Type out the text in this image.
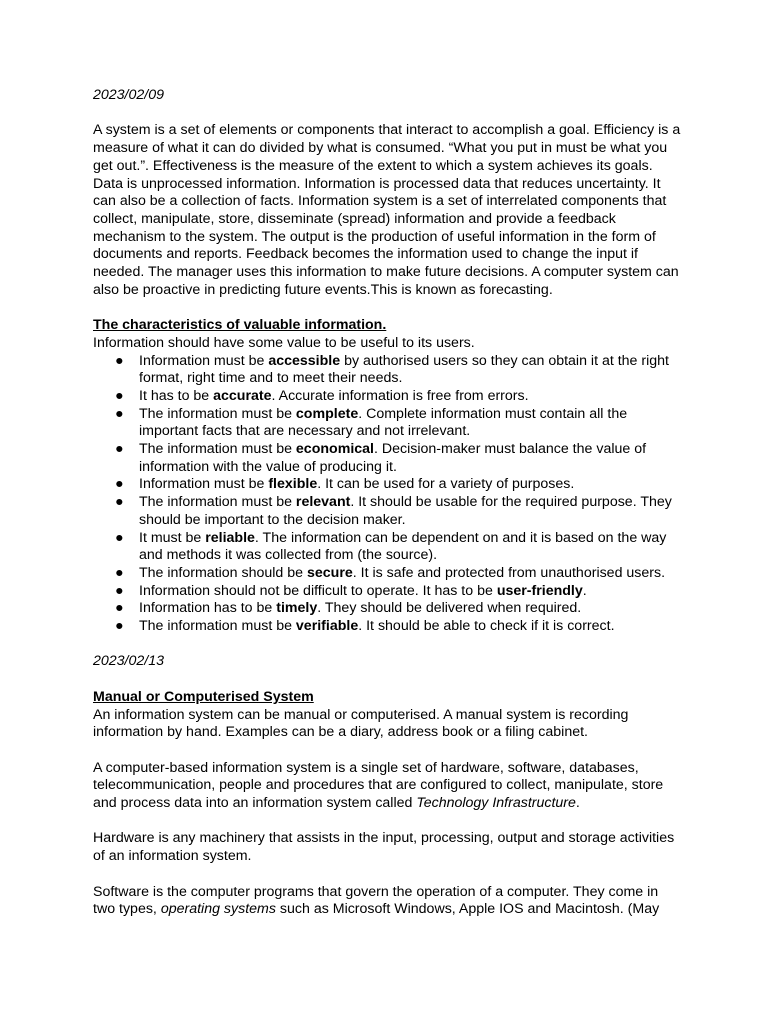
2023/02/09

A system is a set of elements or components that interact to accomplish a goal. Efficiency is a measure of what it can do divided by what is consumed. “What you put in must be what you get out.”. Effectiveness is the measure of the extent to which a system achieves its goals. Data is unprocessed information. Information is processed data that reduces uncertainty. It can also be a collection of facts. Information system is a set of interrelated components that collect, manipulate, store, disseminate (spread) information and provide a feedback mechanism to the system. The output is the production of useful information in the form of documents and reports. Feedback becomes the information used to change the input if needed. The manager uses this information to make future decisions. A computer system can also be proactive in predicting future events.This is known as forecasting.

The characteristics of valuable information.

Information should have some value to be useful to its users.

● Information must be accessible by authorised users so they can obtain it at the right format, right time and to meet their needs.
● It has to be accurate. Accurate information is free from errors.
● The information must be complete. Complete information must contain all the important facts that are necessary and not irrelevant.
● The information must be economical. Decision-maker must balance the value of information with the value of producing it.
● Information must be flexible. It can be used for a variety of purposes.
● The information must be relevant. It should be usable for the required purpose. They should be important to the decision maker.
● It must be reliable. The information can be dependent on and it is based on the way and methods it was collected from (the source).
● The information should be secure. It is safe and protected from unauthorised users.
● Information should not be difficult to operate. It has to be user-friendly.
● Information has to be timely. They should be delivered when required.
● The information must be verifiable. It should be able to check if it is correct.

2023/02/13

Manual or Computerised System

An information system can be manual or computerised. A manual system is recording information by hand. Examples can be a diary, address book or a filing cabinet.

A computer-based information system is a single set of hardware, software, databases, telecommunication, people and procedures that are configured to collect, manipulate, store and process data into an information system called Technology Infrastructure.

Hardware is any machinery that assists in the input, processing, output and storage activities of an information system.

Software is the computer programs that govern the operation of a computer. They come in two types, operating systems such as Microsoft Windows, Apple IOS and Macintosh. (May
